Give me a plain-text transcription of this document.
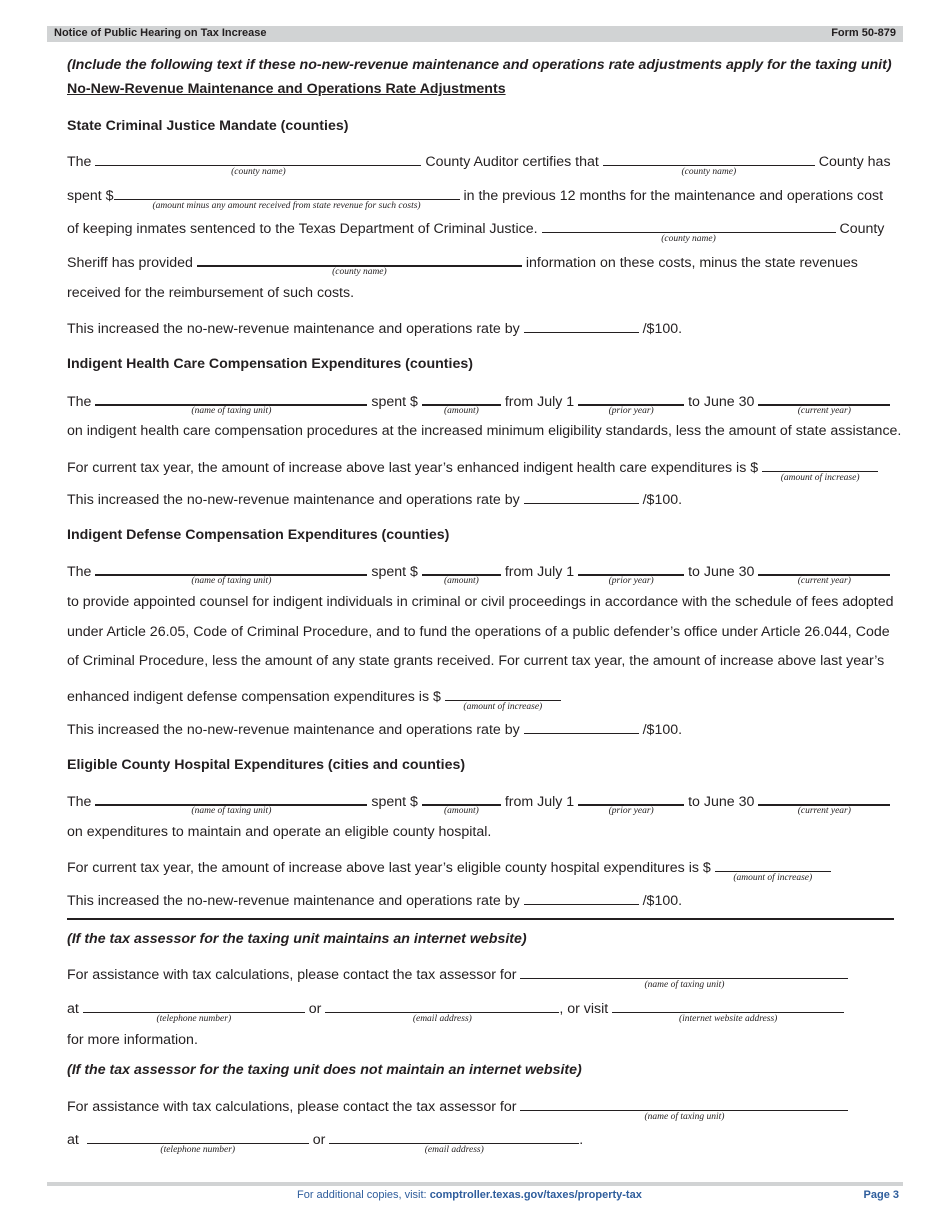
Notice of Public Hearing on Tax Increase	Form 50-879
(Include the following text if these no-new-revenue maintenance and operations rate adjustments apply for the taxing unit)
No-New-Revenue Maintenance and Operations Rate Adjustments
State Criminal Justice Mandate (counties)
The
(county name)
County Auditor certifies that
(county name)
County has
spent $
(amount minus any amount received from state revenue for such costs)
in the previous 12 months for the maintenance and operations cost
of keeping inmates sentenced to the Texas Department of Criminal Justice.
(county name)
County
Sheriff has provided
(county name)
information on these costs, minus the state revenues
received for the reimbursement of such costs.
This increased the no-new-revenue maintenance and operations rate by	/$100.
Indigent Health Care Compensation Expenditures (counties)
The
(name of taxing unit)
spent $
(amount)
from July 1
(prior year)
to June 30
(current year)
on indigent health care compensation procedures at the increased minimum eligibility standards, less the amount of state assistance.
For current tax year, the amount of increase above last year’s enhanced indigent health care expenditures is $
(amount of increase)
This increased the no-new-revenue maintenance and operations rate by	/$100.
Indigent Defense Compensation Expenditures (counties)
The
(name of taxing unit)
spent $
(amount)
from July 1
(prior year)
to June 30
(current year)
to provide appointed counsel for indigent individuals in criminal or civil proceedings in accordance with the schedule of fees adopted
under Article 26.05, Code of Criminal Procedure, and to fund the operations of a public defender’s office under Article 26.044, Code
of Criminal Procedure, less the amount of any state grants received. For current tax year, the amount of increase above last year’s
enhanced indigent defense compensation expenditures is $
(amount of increase)
This increased the no-new-revenue maintenance and operations rate by	/$100.
Eligible County Hospital Expenditures (cities and counties)
The
(name of taxing unit)
spent $
(amount)
from July 1
(prior year)
to June 30
(current year)
on expenditures to maintain and operate an eligible county hospital.
For current tax year, the amount of increase above last year’s eligible county hospital expenditures is $
(amount of increase)
This increased the no-new-revenue maintenance and operations rate by	/$100.
(If the tax assessor for the taxing unit maintains an internet website)
For assistance with tax calculations, please contact the tax assessor for
(name of taxing unit)
at
(telephone number)
or
(email address)
, or visit
(internet website address)
for more information.
(If the tax assessor for the taxing unit does not maintain an internet website)
For assistance with tax calculations, please contact the tax assessor for
(name of taxing unit)
at
(telephone number)
or
(email address)
.
For additional copies, visit: comptroller.texas.gov/taxes/property-tax	Page 3
